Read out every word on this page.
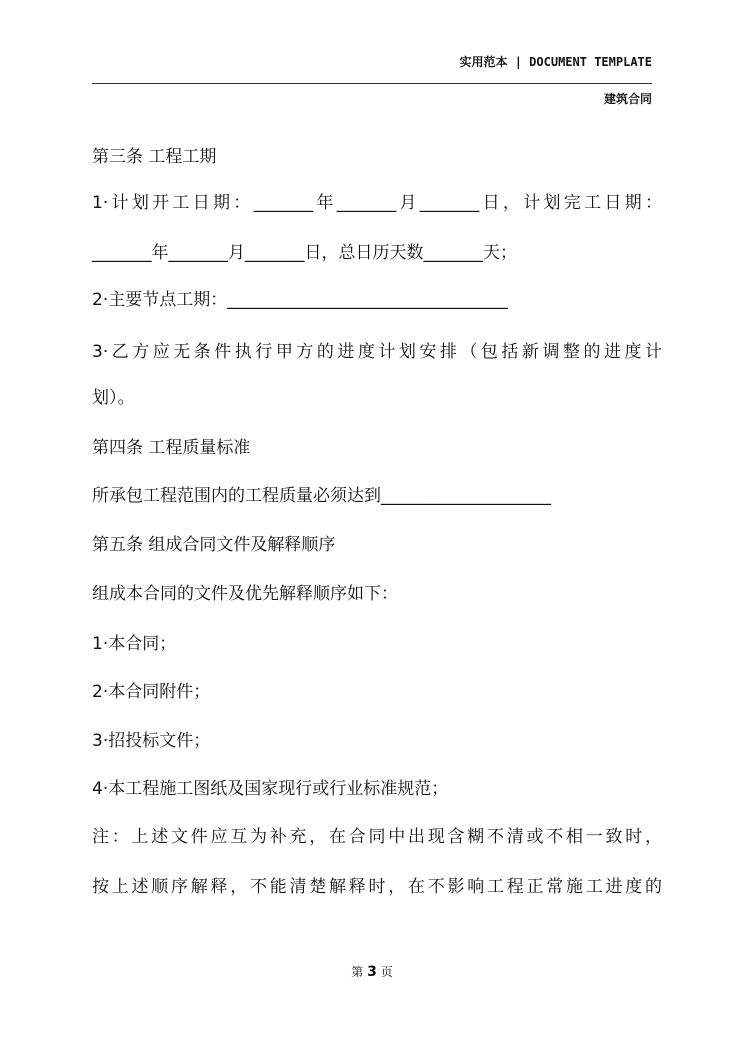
实用范本 | DOCUMENT TEMPLATE
建筑合同
第三条 工程工期
1·计划开工日期：_______年_______月_______日，计划完工日期：
_______年_______月_______日，总日历天数_______天；
2·主要节点工期：_________________________________
3·乙方应无条件执行甲方的进度计划安排（包括新调整的进度计
划）。
第四条 工程质量标准
所承包工程范围内的工程质量必须达到____________________
第五条 组成合同文件及解释顺序
组成本合同的文件及优先解释顺序如下：
1·本合同；
2·本合同附件；
3·招投标文件；
4·本工程施工图纸及国家现行或行业标准规范；
注：上述文件应互为补充，在合同中出现含糊不清或不相一致时，
按上述顺序解释，不能清楚解释时，在不影响工程正常施工进度的
第 3 页
